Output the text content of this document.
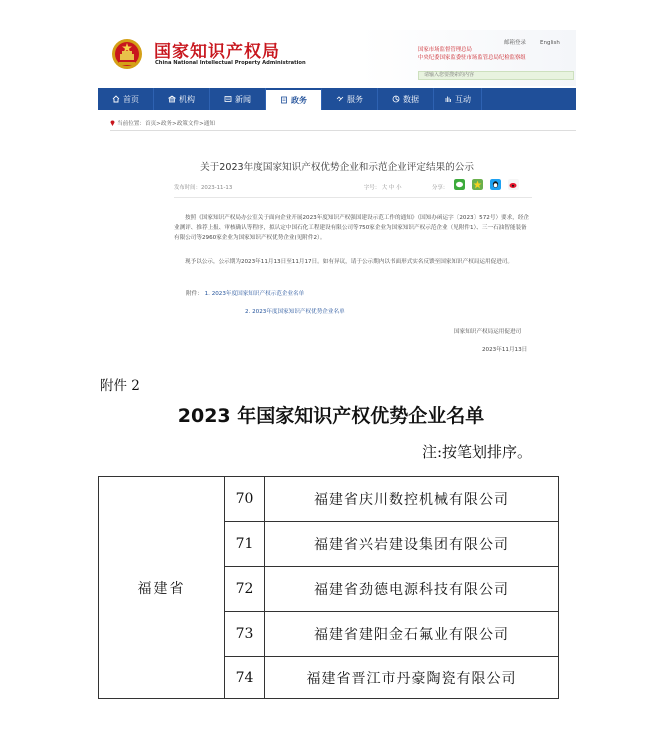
国家知识产权局
China National Intellectual Property Administration
邮箱登录	English
国家市场监督管理总局
中央纪委国家监委驻市场监管总局纪检监察组
请输入您要搜索的内容
首页	机构	新闻	政务	服务	数据	互动
当前位置：首页>政务>政策文件>通知
关于2023年度国家知识产权优势企业和示范企业评定结果的公示
发布时间：2023-11-13	字号： 大 中 小	分享：
按照《国家知识产权局办公室关于面向企业开展2023年度知识产权强国建设示范工作的通知》（国知办函运字〔2023〕572号）要求，经企业测评、推荐上报、审核确认等程序，拟认定中国石化工程建设有限公司等750家企业为国家知识产权示范企业（见附件1）、三一石油智能装备有限公司等2960家企业为国家知识产权优势企业(见附件2）。
现予以公示，公示期为2023年11月13日至11月17日。如有异议，请于公示期内以书面形式实名反馈至国家知识产权局运用促进司。
附件： 1. 2023年度国家知识产权示范企业名单
2. 2023年度国家知识产权优势企业名单
国家知识产权局运用促进司
2023年11月13日
附件 2
2023 年国家知识产权优势企业名单
注:按笔划排序。
福建省	70	福建省庆川数控机械有限公司
	71	福建省兴岩建设集团有限公司
	72	福建省劲德电源科技有限公司
	73	福建省建阳金石氟业有限公司
	74	福建省晋江市丹豪陶瓷有限公司
